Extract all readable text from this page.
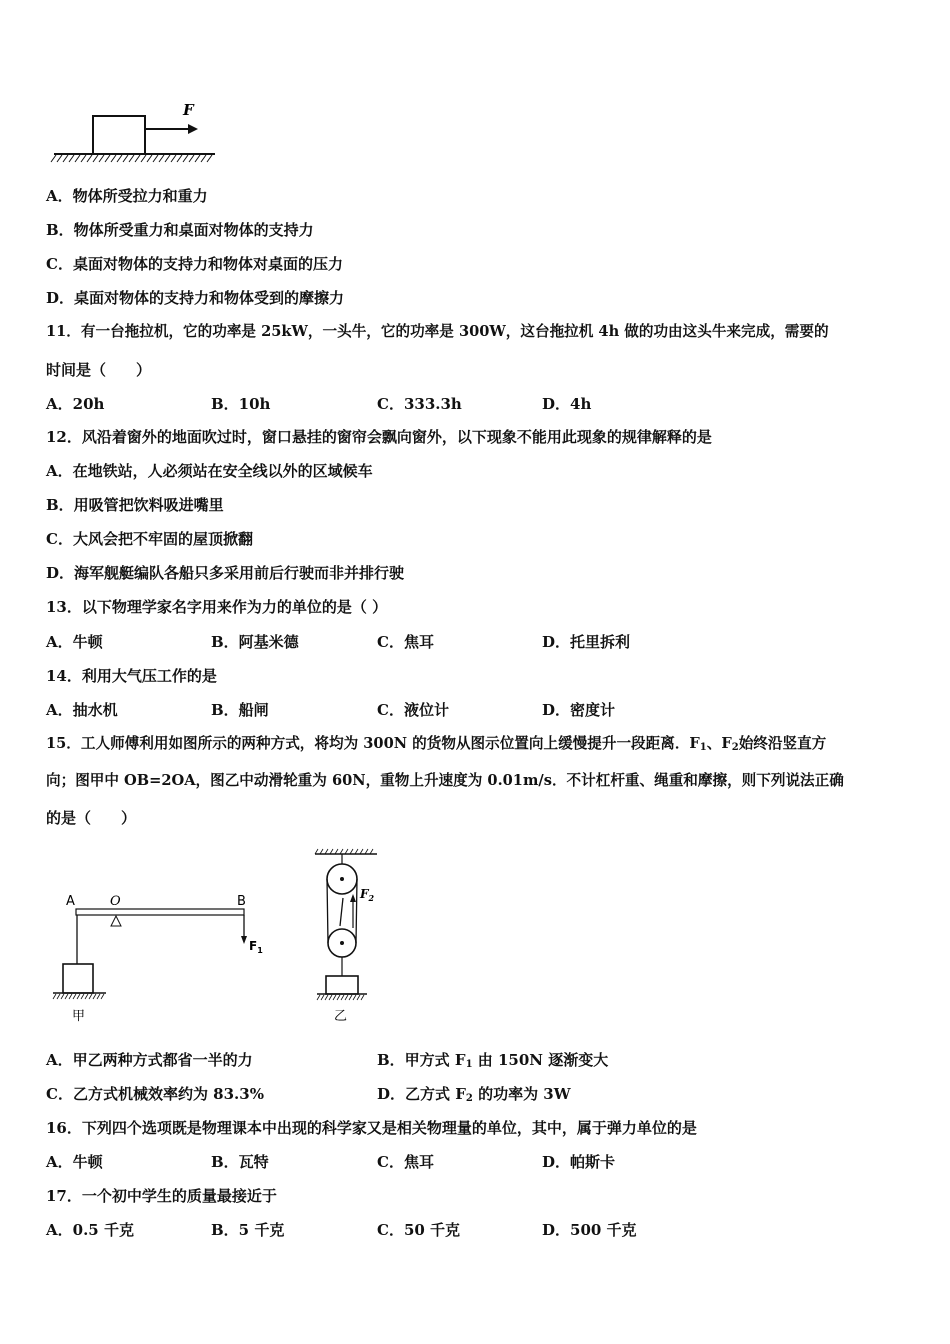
F
A．物体所受拉力和重力
B．物体所受重力和桌面对物体的支持力
C．桌面对物体的支持力和物体对桌面的压力
D．桌面对物体的支持力和物体受到的摩擦力
11．有一台拖拉机，它的功率是 25kW，一头牛，它的功率是 300W，这台拖拉机 4h 做的功由这头牛来完成，需要的
时间是（　　）
A．20h	B．10h	C．333.3h	D．4h
12．风沿着窗外的地面吹过时，窗口悬挂的窗帘会飘向窗外，以下现象不能用此现象的规律解释的是
A．在地铁站，人必须站在安全线以外的区域候车
B．用吸管把饮料吸进嘴里
C．大风会把不牢固的屋顶掀翻
D．海军舰艇编队各船只多采用前后行驶而非并排行驶
13．以下物理学家名字用来作为力的单位的是（ ）
A．牛顿	B．阿基米德	C．焦耳	D．托里拆利
14．利用大气压工作的是
A．抽水机	B．船闸	C．液位计	D．密度计
15．工人师傅利用如图所示的两种方式，将均为 300N 的货物从图示位置向上缓慢提升一段距离．$F_1$、$F_2$始终沿竖直方
向；图甲中 OB=2OA，图乙中动滑轮重为 60N，重物上升速度为 0.01m/s．不计杠杆重、绳重和摩擦，则下列说法正确
的是（　　）
A	O	B
$F_1$
甲
$F_2$
乙
A．甲乙两种方式都省一半的力	B．甲方式 $F_1$ 由 150N 逐渐变大
C．乙方式机械效率约为 83.3%	D．乙方式 $F_2$ 的功率为 3W
16．下列四个选项既是物理课本中出现的科学家又是相关物理量的单位，其中，属于弹力单位的是
A．牛顿	B．瓦特	C．焦耳	D．帕斯卡
17．一个初中学生的质量最接近于
A．0.5 千克	B．5 千克	C．50 千克	D．500 千克
